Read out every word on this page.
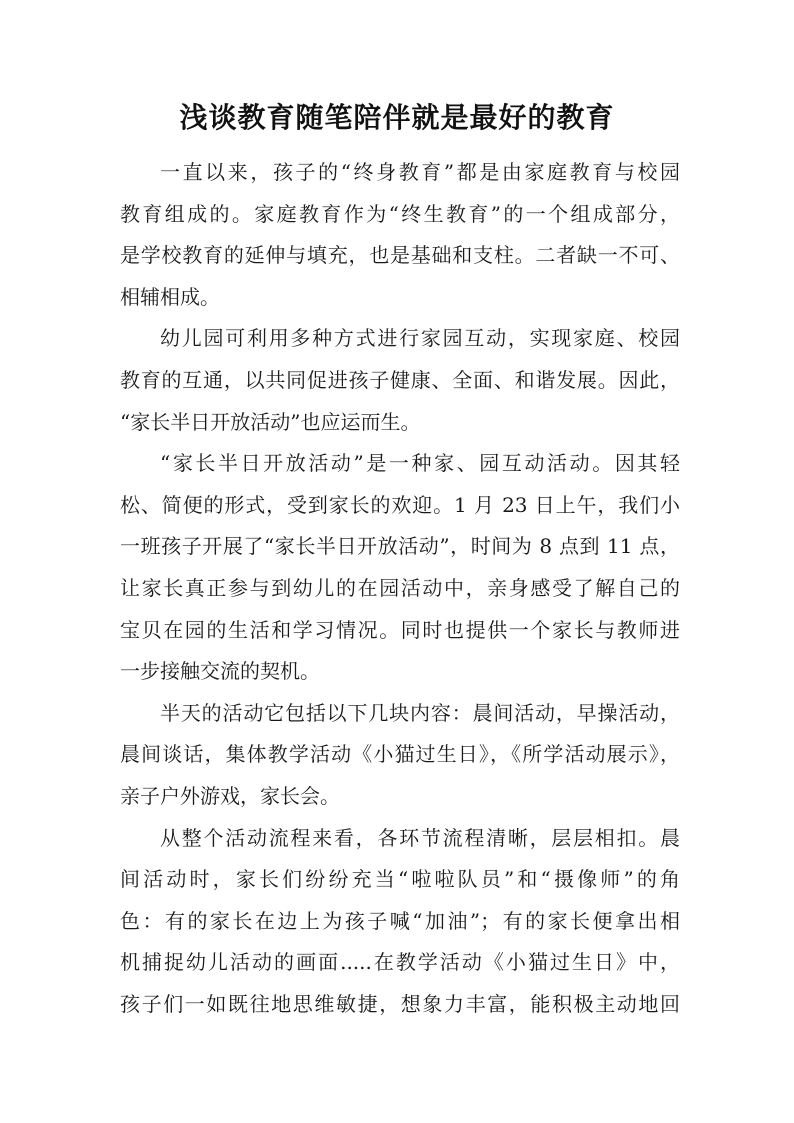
浅谈教育随笔陪伴就是最好的教育
一直以来，孩子的“终身教育”都是由家庭教育与校园
教育组成的。家庭教育作为“终生教育”的一个组成部分，
是学校教育的延伸与填充，也是基础和支柱。二者缺一不可、
相辅相成。
幼儿园可利用多种方式进行家园互动，实现家庭、校园
教育的互通，以共同促进孩子健康、全面、和谐发展。因此，
“家长半日开放活动”也应运而生。
“家长半日开放活动”是一种家、园互动活动。因其轻
松、简便的形式，受到家长的欢迎。1 月 23 日上午，我们小
一班孩子开展了“家长半日开放活动”，时间为 8 点到 11 点，
让家长真正参与到幼儿的在园活动中，亲身感受了解自己的
宝贝在园的生活和学习情况。同时也提供一个家长与教师进
一步接触交流的契机。
半天的活动它包括以下几块内容：晨间活动，早操活动，
晨间谈话，集体教学活动《小猫过生日》，《所学活动展示》，
亲子户外游戏，家长会。
从整个活动流程来看，各环节流程清晰，层层相扣。晨
间活动时，家长们纷纷充当“啦啦队员”和“摄像师”的角
色：有的家长在边上为孩子喊“加油”；有的家长便拿出相
机捕捉幼儿活动的画面.....在教学活动《小猫过生日》中，
孩子们一如既往地思维敏捷，想象力丰富，能积极主动地回
